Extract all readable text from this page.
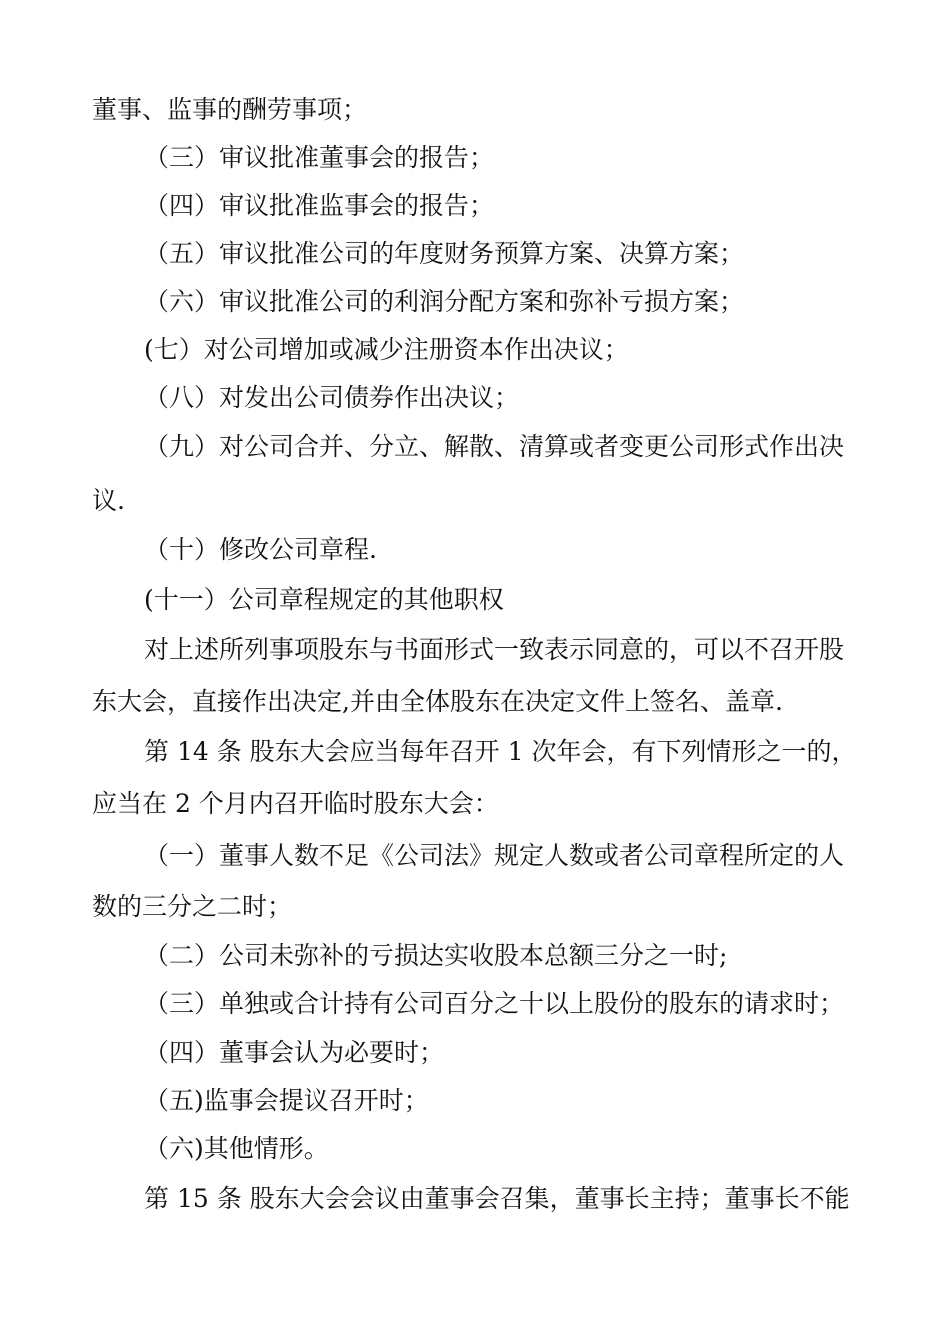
董事、监事的酬劳事项；
（三）审议批准董事会的报告；
（四）审议批准监事会的报告；
（五）审议批准公司的年度财务预算方案、决算方案；
（六）审议批准公司的利润分配方案和弥补亏损方案；
(七）对公司增加或减少注册资本作出决议；
（八）对发出公司债券作出决议；
（九）对公司合并、分立、解散、清算或者变更公司形式作出决
议.
（十）修改公司章程.
(十一）公司章程规定的其他职权
对上述所列事项股东与书面形式一致表示同意的，可以不召开股
东大会，直接作出决定,并由全体股东在决定文件上签名、盖章.
第 14 条 股东大会应当每年召开 1 次年会，有下列情形之一的，
应当在 2 个月内召开临时股东大会：
（一）董事人数不足《公司法》规定人数或者公司章程所定的人
数的三分之二时；
（二）公司未弥补的亏损达实收股本总额三分之一时;
（三）单独或合计持有公司百分之十以上股份的股东的请求时；
（四）董事会认为必要时；
（五)监事会提议召开时；
（六)其他情形。
第 15 条 股东大会会议由董事会召集，董事长主持；董事长不能
